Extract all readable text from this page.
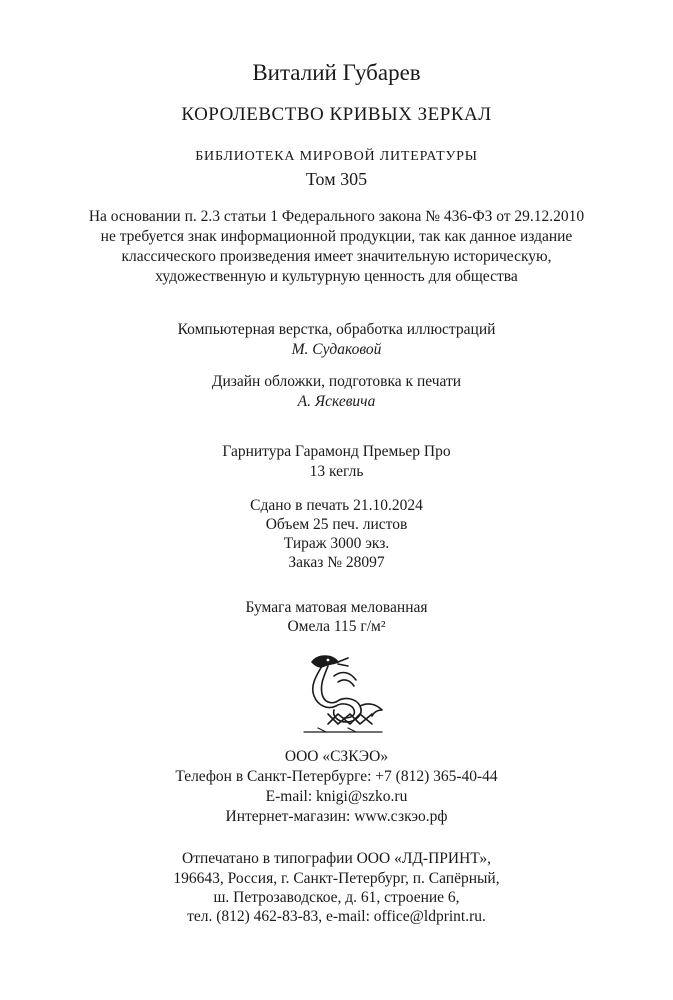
Виталий Губарев
КОРОЛЕВСТВО КРИВЫХ ЗЕРКАЛ
БИБЛИОТЕКА МИРОВОЙ ЛИТЕРАТУРЫ
Том 305
На основании п. 2.3 статьи 1 Федерального закона № 436-ФЗ от 29.12.2010
не требуется знак информационной продукции, так как данное издание
классического произведения имеет значительную историческую,
художественную и культурную ценность для общества
Компьютерная верстка, обработка иллюстраций
М. Судаковой
Дизайн обложки, подготовка к печати
А. Яскевича
Гарнитура Гарамонд Премьер Про
13 кегль
Сдано в печать 21.10.2024
Объем 25 печ. листов
Тираж 3000 экз.
Заказ № 28097
Бумага матовая мелованная
Омела 115 г/м²
ООО «СЗКЭО»
Телефон в Санкт-Петербурге: +7 (812) 365-40-44
E-mail: knigi@szko.ru
Интернет-магазин: www.сзкэо.рф
Отпечатано в типографии ООО «ЛД-ПРИНТ»,
196643, Россия, г. Санкт-Петербург, п. Сапёрный,
ш. Петрозаводское, д. 61, строение 6,
тел. (812) 462-83-83, e-mail: office@ldprint.ru.
